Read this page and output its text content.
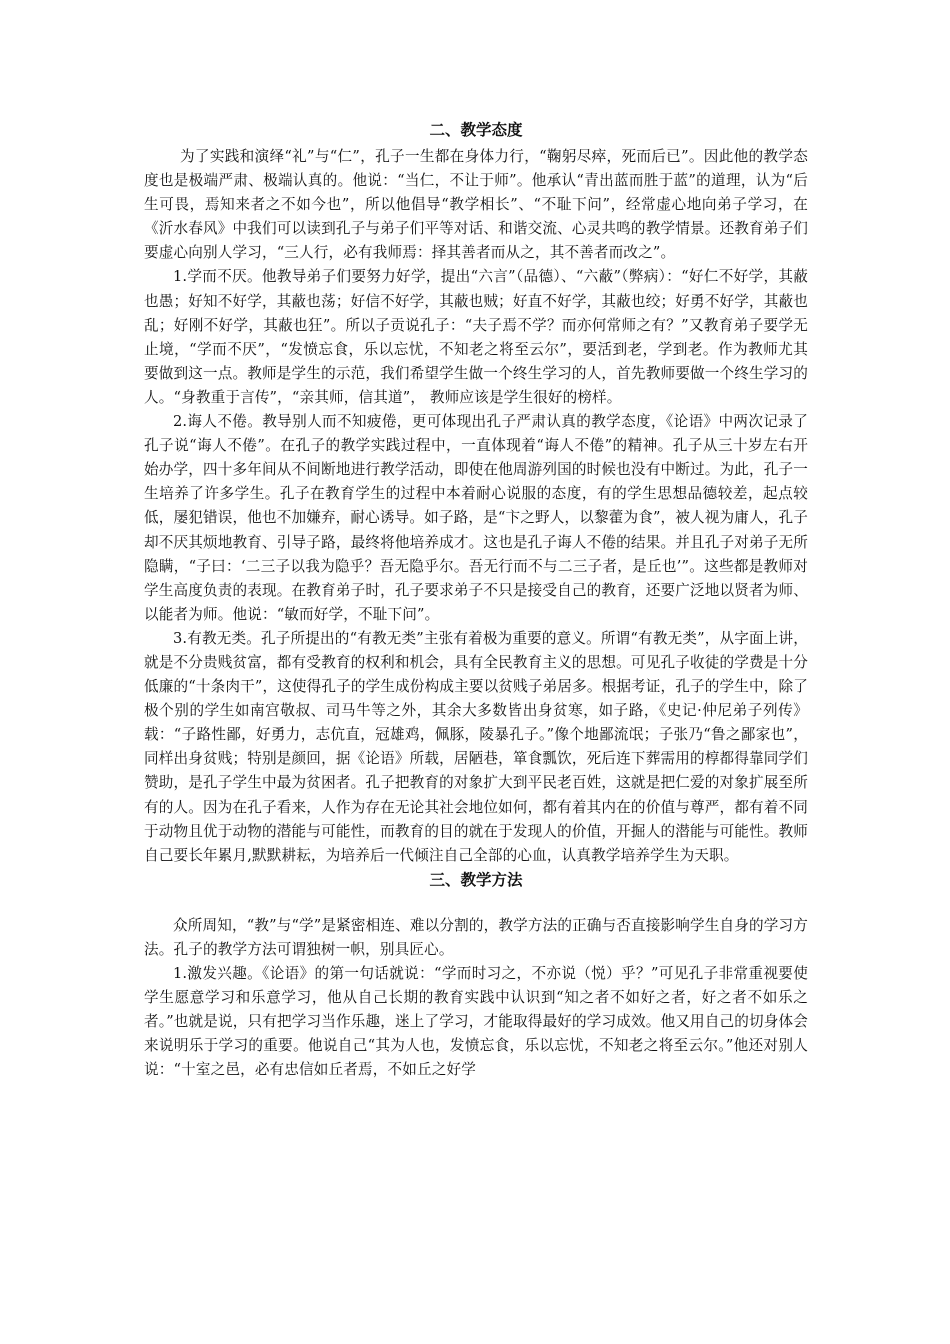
二、教学态度

为了实践和演绎“礼”与“仁”，孔子一生都在身体力行，“鞠躬尽瘁，死而后已”。因此他的教学态度也是极端严肃、极端认真的。他说：“当仁，不让于师”。他承认“青出蓝而胜于蓝”的道理，认为“后生可畏，焉知来者之不如今也”，所以他倡导“教学相长”、“不耻下问”，经常虚心地向弟子学习，在《沂水春风》中我们可以读到孔子与弟子们平等对话、和谐交流、心灵共鸣的教学情景。还教育弟子们要虚心向别人学习，“三人行，必有我师焉：择其善者而从之，其不善者而改之”。

1.学而不厌。他教导弟子们要努力好学，提出“六言”（品德）、“六蔽”（弊病）：“好仁不好学，其蔽也愚；好知不好学，其蔽也荡；好信不好学，其蔽也贼；好直不好学，其蔽也绞；好勇不好学，其蔽也乱；好刚不好学，其蔽也狂”。所以子贡说孔子：“夫子焉不学？而亦何常师之有？”又教育弟子要学无止境，“学而不厌”，“发愤忘食，乐以忘忧，不知老之将至云尔”，要活到老，学到老。作为教师尤其要做到这一点。教师是学生的示范，我们希望学生做一个终生学习的人，首先教师要做一个终生学习的人。“身教重于言传”，“亲其师，信其道”， 教师应该是学生很好的榜样。

2.诲人不倦。教导别人而不知疲倦，更可体现出孔子严肃认真的教学态度，《论语》中两次记录了孔子说“诲人不倦”。在孔子的教学实践过程中，一直体现着“诲人不倦”的精神。孔子从三十岁左右开始办学，四十多年间从不间断地进行教学活动，即使在他周游列国的时候也没有中断过。为此，孔子一生培养了许多学生。孔子在教育学生的过程中本着耐心说服的态度，有的学生思想品德较差，起点较低，屡犯错误，他也不加嫌弃，耐心诱导。如子路，是“卞之野人，以黎藿为食”，被人视为庸人，孔子却不厌其烦地教育、引导子路，最终将他培养成才。这也是孔子诲人不倦的结果。并且孔子对弟子无所隐瞒，“子曰：‘二三子以我为隐乎？吾无隐乎尔。吾无行而不与二三子者，是丘也’”。这些都是教师对学生高度负责的表现。在教育弟子时，孔子要求弟子不只是接受自己的教育，还要广泛地以贤者为师、以能者为师。他说：“敏而好学，不耻下问”。

3.有教无类。孔子所提出的“有教无类”主张有着极为重要的意义。所谓“有教无类”，从字面上讲，就是不分贵贱贫富，都有受教育的权利和机会，具有全民教育主义的思想。可见孔子收徒的学费是十分低廉的“十条肉干”，这使得孔子的学生成份构成主要以贫贱子弟居多。根据考证，孔子的学生中，除了极个别的学生如南宫敬叔、司马牛等之外，其余大多数皆出身贫寒，如子路，《史记·仲尼弟子列传》载：“子路性鄙，好勇力，志伉直，冠雄鸡，佩豚，陵暴孔子。”像个地鄙流氓；子张乃“鲁之鄙家也”，同样出身贫贱；特别是颜回，据《论语》所载，居陋巷，箪食瓢饮，死后连下葬需用的椁都得靠同学们赞助，是孔子学生中最为贫困者。孔子把教育的对象扩大到平民老百姓，这就是把仁爱的对象扩展至所有的人。因为在孔子看来，人作为存在无论其社会地位如何，都有着其内在的价值与尊严，都有着不同于动物且优于动物的潜能与可能性，而教育的目的就在于发现人的价值，开掘人的潜能与可能性。教师自己要长年累月,默默耕耘，为培养后一代倾注自己全部的心血，认真教学培养学生为天职。

三、教学方法

众所周知，“教”与“学”是紧密相连、难以分割的，教学方法的正确与否直接影响学生自身的学习方法。孔子的教学方法可谓独树一帜，别具匠心。

1.激发兴趣。《论语》的第一句话就说：“学而时习之，不亦说（悦）乎？”可见孔子非常重视要使学生愿意学习和乐意学习，他从自己长期的教育实践中认识到“知之者不如好之者，好之者不如乐之者。”也就是说，只有把学习当作乐趣，迷上了学习，才能取得最好的学习成效。他又用自己的切身体会来说明乐于学习的重要。他说自己“其为人也，发愤忘食，乐以忘忧，不知老之将至云尔。”他还对别人说：“十室之邑，必有忠信如丘者焉，不如丘之好学
